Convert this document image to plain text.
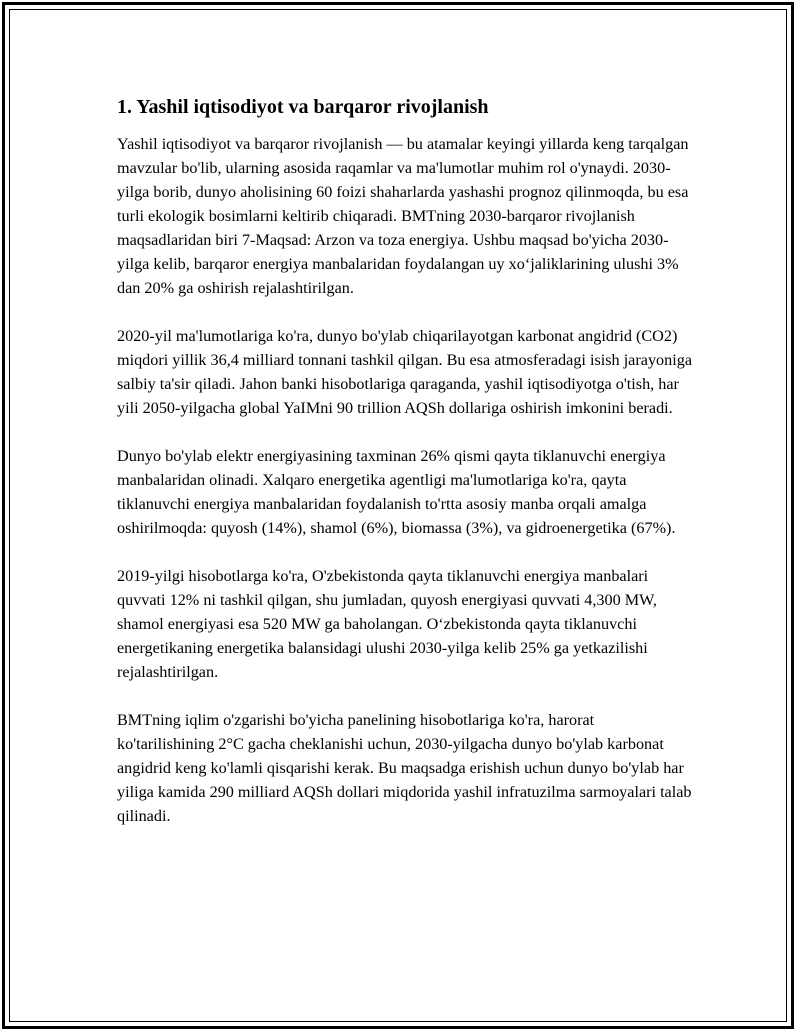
1. Yashil iqtisodiyot va barqaror rivojlanish

Yashil iqtisodiyot va barqaror rivojlanish — bu atamalar keyingi yillarda keng tarqalgan mavzular bo'lib, ularning asosida raqamlar va ma'lumotlar muhim rol o'ynaydi. 2030-yilga borib, dunyo aholisining 60 foizi shaharlarda yashashi prognoz qilinmoqda, bu esa turli ekologik bosimlarni keltirib chiqaradi. BMTning 2030-barqaror rivojlanish maqsadlaridan biri 7-Maqsad: Arzon va toza energiya. Ushbu maqsad bo'yicha 2030-yilga kelib, barqaror energiya manbalaridan foydalangan uy xo‘jaliklarining ulushi 3% dan 20% ga oshirish rejalashtirilgan.

2020-yil ma'lumotlariga ko'ra, dunyo bo'ylab chiqarilayotgan karbonat angidrid (CO2) miqdori yillik 36,4 milliard tonnani tashkil qilgan. Bu esa atmosferadagi isish jarayoniga salbiy ta'sir qiladi. Jahon banki hisobotlariga qaraganda, yashil iqtisodiyotga o'tish, har yili 2050-yilgacha global YaIMni 90 trillion AQSh dollariga oshirish imkonini beradi.

Dunyo bo'ylab elektr energiyasining taxminan 26% qismi qayta tiklanuvchi energiya manbalaridan olinadi. Xalqaro energetika agentligi ma'lumotlariga ko'ra, qayta tiklanuvchi energiya manbalaridan foydalanish to'rtta asosiy manba orqali amalga oshirilmoqda: quyosh (14%), shamol (6%), biomassa (3%), va gidroenergetika (67%).

2019-yilgi hisobotlarga ko'ra, O'zbekistonda qayta tiklanuvchi energiya manbalari quvvati 12% ni tashkil qilgan, shu jumladan, quyosh energiyasi quvvati 4,300 MW, shamol energiyasi esa 520 MW ga baholangan. O‘zbekistonda qayta tiklanuvchi energetikaning energetika balansidagi ulushi 2030-yilga kelib 25% ga yetkazilishi rejalashtirilgan.

BMTning iqlim o'zgarishi bo'yicha panelining hisobotlariga ko'ra, harorat ko'tarilishining 2°C gacha cheklanishi uchun, 2030-yilgacha dunyo bo'ylab karbonat angidrid keng ko'lamli qisqarishi kerak. Bu maqsadga erishish uchun dunyo bo'ylab har yiliga kamida 290 milliard AQSh dollari miqdorida yashil infratuzilma sarmoyalari talab qilinadi.
